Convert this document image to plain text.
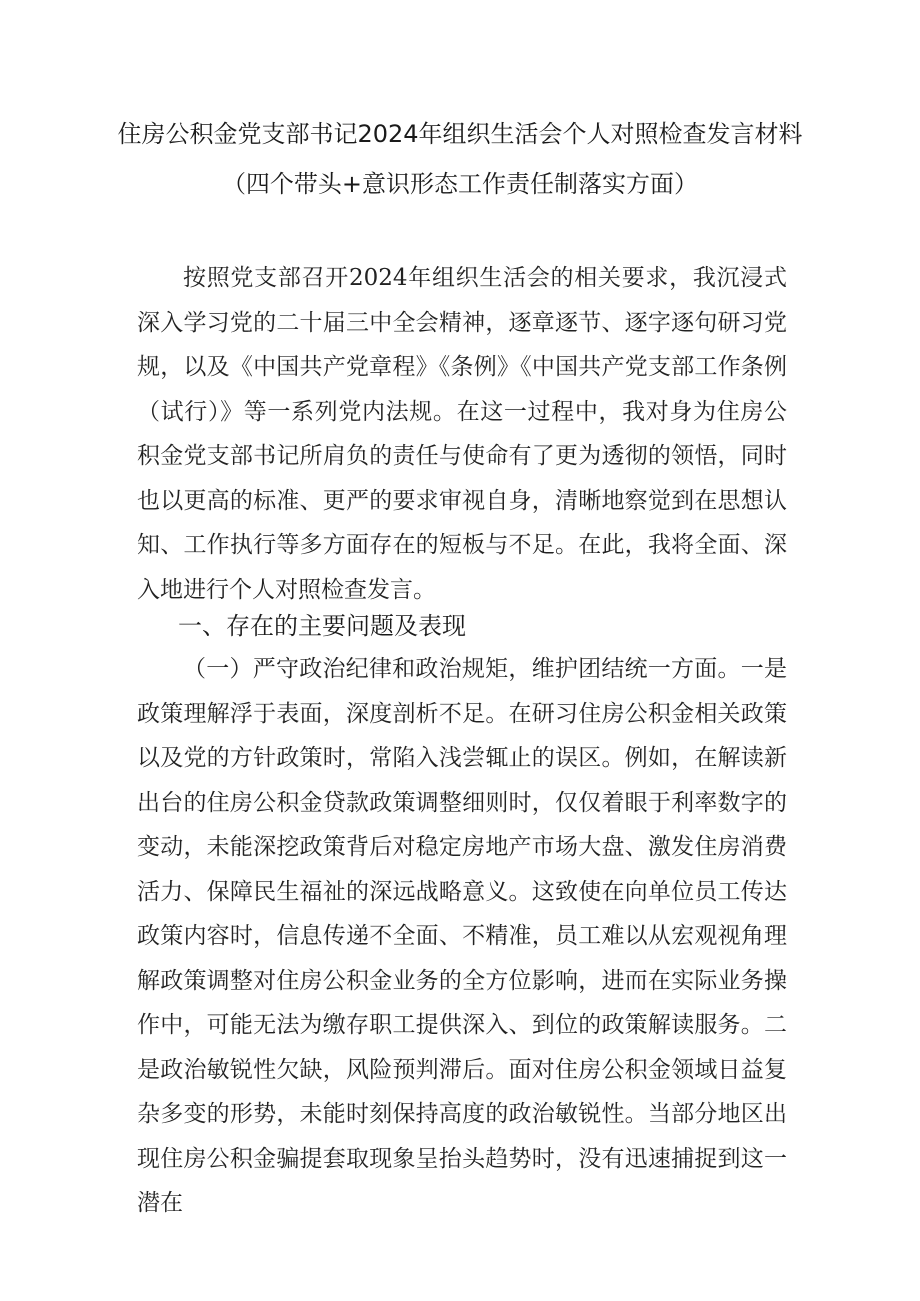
住房公积金党支部书记2024年组织生活会个人对照检查发言材料
（四个带头+意识形态工作责任制落实方面）
按照党支部召开2024年组织生活会的相关要求，我沉浸式深入学习党的二十届三中全会精神，逐章逐节、逐字逐句研习党规，以及《中国共产党章程》《条例》《中国共产党支部工作条例（试行）》等一系列党内法规。在这一过程中，我对身为住房公积金党支部书记所肩负的责任与使命有了更为透彻的领悟，同时也以更高的标准、更严的要求审视自身，清晰地察觉到在思想认知、工作执行等多方面存在的短板与不足。在此，我将全面、深入地进行个人对照检查发言。
一、存在的主要问题及表现
（一）严守政治纪律和政治规矩，维护团结统一方面。一是政策理解浮于表面，深度剖析不足。在研习住房公积金相关政策以及党的方针政策时，常陷入浅尝辄止的误区。例如，在解读新出台的住房公积金贷款政策调整细则时，仅仅着眼于利率数字的变动，未能深挖政策背后对稳定房地产市场大盘、激发住房消费活力、保障民生福祉的深远战略意义。这致使在向单位员工传达政策内容时，信息传递不全面、不精准，员工难以从宏观视角理解政策调整对住房公积金业务的全方位影响，进而在实际业务操作中，可能无法为缴存职工提供深入、到位的政策解读服务。二是政治敏锐性欠缺，风险预判滞后。面对住房公积金领域日益复杂多变的形势，未能时刻保持高度的政治敏锐性。当部分地区出现住房公积金骗提套取现象呈抬头趋势时，没有迅速捕捉到这一潜在
